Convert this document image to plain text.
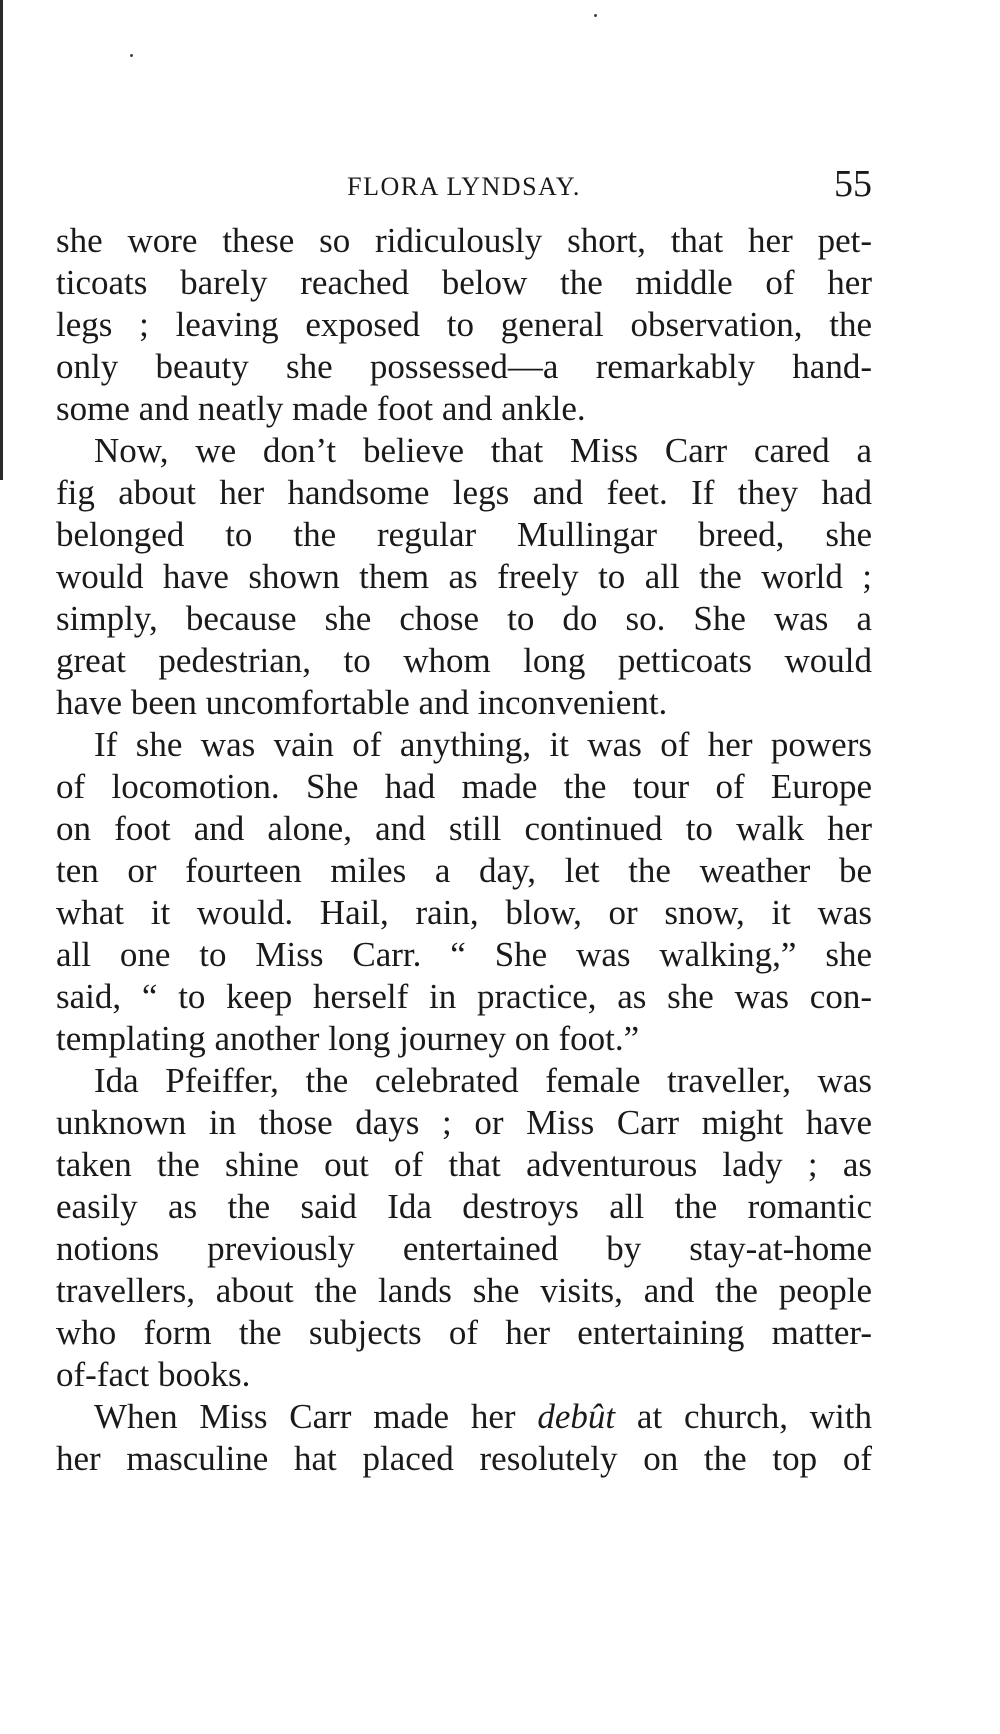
FLORA LYNDSAY.	55
she wore these so ridiculously short, that her pet-
ticoats barely reached below the middle of her
legs ; leaving exposed to general observation, the
only beauty she possessed—a remarkably hand-
some and neatly made foot and ankle.
Now, we don’t believe that Miss Carr cared a
fig about her handsome legs and feet. If they had
belonged to the regular Mullingar breed, she
would have shown them as freely to all the world ;
simply, because she chose to do so. She was a
great pedestrian, to whom long petticoats would
have been uncomfortable and inconvenient.
If she was vain of anything, it was of her powers
of locomotion. She had made the tour of Europe
on foot and alone, and still continued to walk her
ten or fourteen miles a day, let the weather be
what it would. Hail, rain, blow, or snow, it was
all one to Miss Carr. “ She was walking,” she
said, “ to keep herself in practice, as she was con-
templating another long journey on foot.”
Ida Pfeiffer, the celebrated female traveller, was
unknown in those days ; or Miss Carr might have
taken the shine out of that adventurous lady ; as
easily as the said Ida destroys all the romantic
notions previously entertained by stay-at-home
travellers, about the lands she visits, and the people
who form the subjects of her entertaining matter-
of-fact books.
When Miss Carr made her debût at church, with
her masculine hat placed resolutely on the top of
